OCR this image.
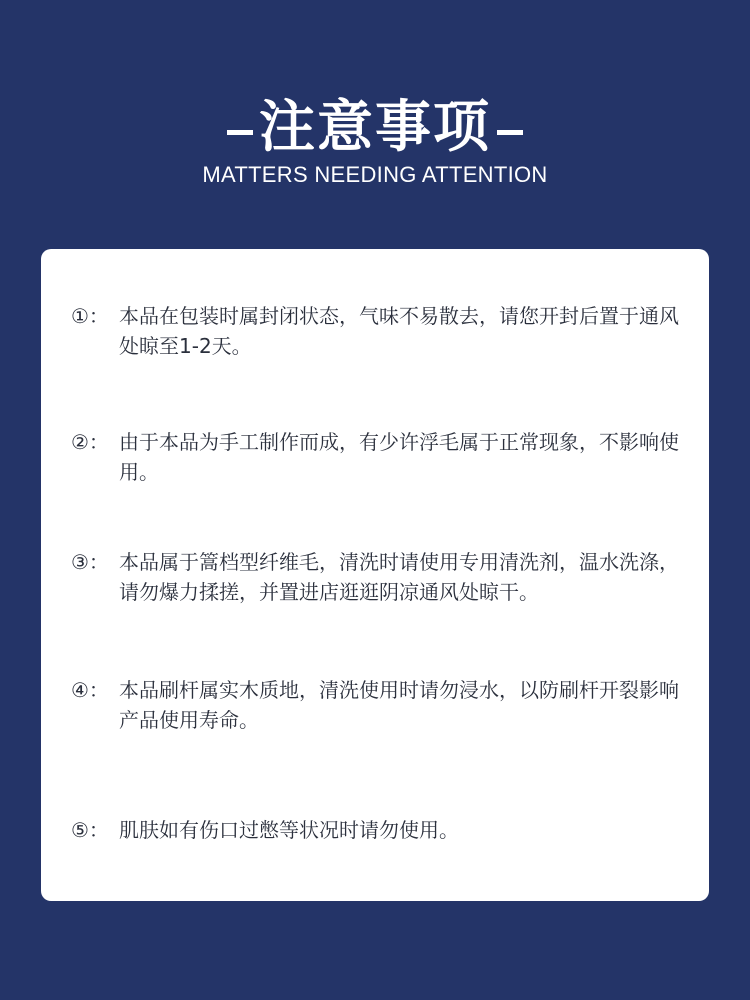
注意事项
MATTERS NEEDING ATTENTION
①： 本品在包装时属封闭状态，气味不易散去，请您开封后置于通风处晾至1-2天。
②： 由于本品为手工制作而成，有少许浮毛属于正常现象，不影响使用。
③： 本品属于篙档型纤维毛，清洗时请使用专用清洗剂，温水洗涤，请勿爆力揉搓，并置进店逛逛阴凉通风处晾干。
④： 本品刷杆属实木质地，清洗使用时请勿浸水，以防刷杆开裂影响产品使用寿命。
⑤： 肌肤如有伤口过憋等状况时请勿使用。
